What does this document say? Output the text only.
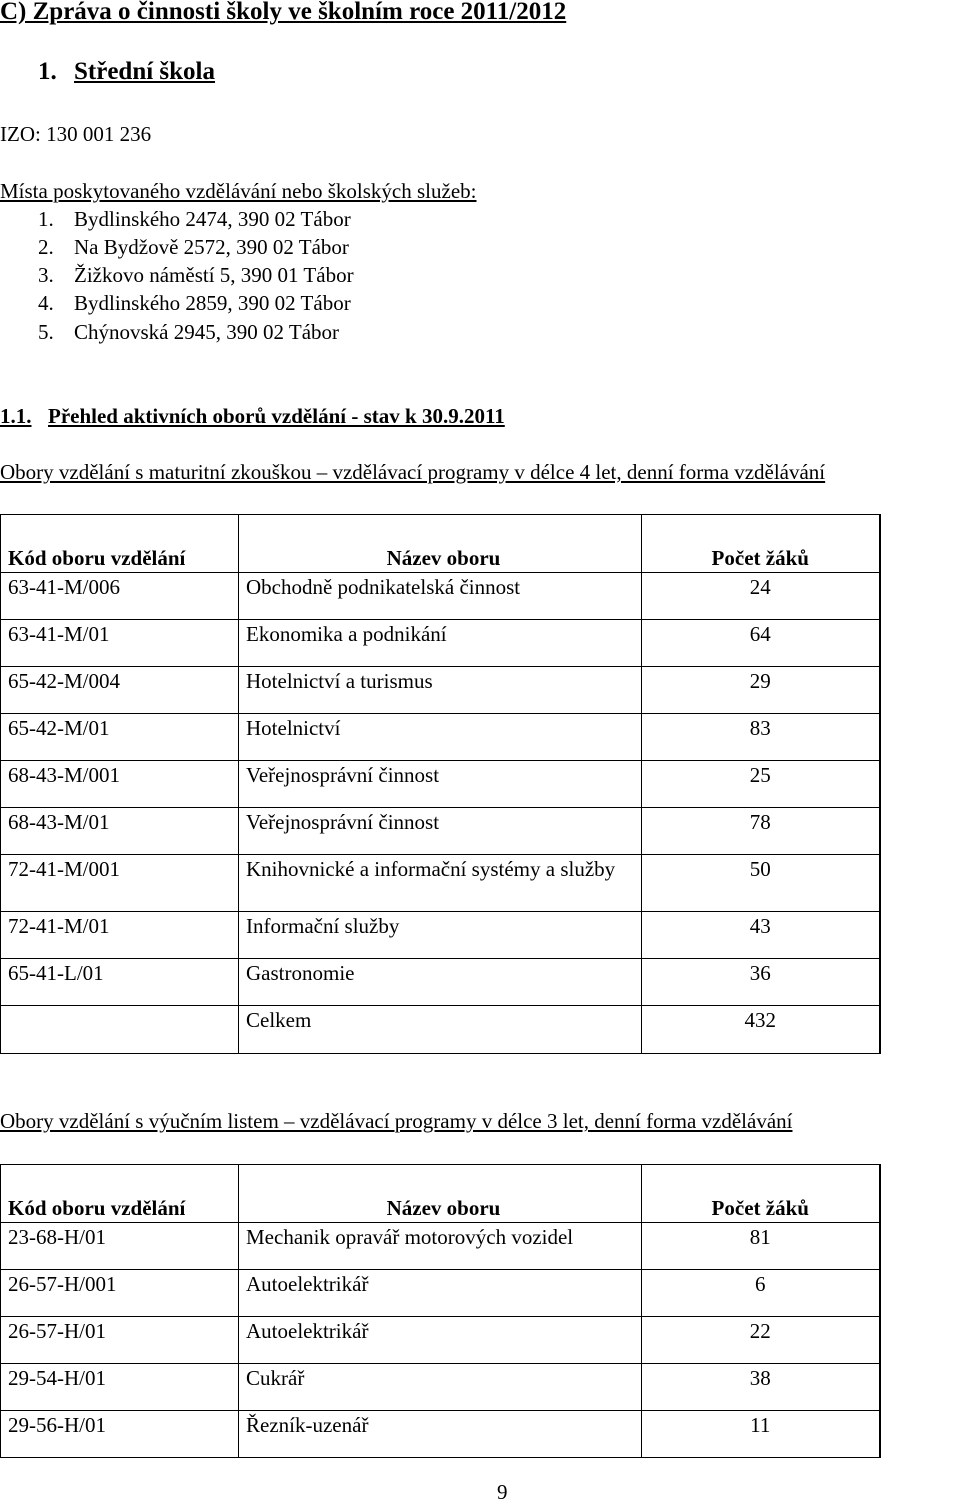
C) Zpráva o činnosti školy ve školním roce 2011/2012
1. Střední škola
IZO: 130 001 236
Místa poskytovaného vzdělávání nebo školských služeb:
1. Bydlinského 2474, 390 02 Tábor
2. Na Bydžově 2572, 390 02 Tábor
3. Žižkovo náměstí 5, 390 01 Tábor
4. Bydlinského 2859, 390 02 Tábor
5. Chýnovská 2945, 390 02 Tábor
1.1. Přehled aktivních oborů vzdělání - stav k 30.9.2011
Obory vzdělání s maturitní zkouškou – vzdělávací programy v délce 4 let, denní forma vzdělávání
Kód oboru vzdělání	Název oboru	Počet žáků
63-41-M/006	Obchodně podnikatelská činnost	24
63-41-M/01	Ekonomika a podnikání	64
65-42-M/004	Hotelnictví a turismus	29
65-42-M/01	Hotelnictví	83
68-43-M/001	Veřejnosprávní činnost	25
68-43-M/01	Veřejnosprávní činnost	78
72-41-M/001	Knihovnické a informační systémy a služby	50
72-41-M/01	Informační služby	43
65-41-L/01	Gastronomie	36
	Celkem	432
Obory vzdělání s výučním listem – vzdělávací programy v délce 3 let, denní forma vzdělávání
Kód oboru vzdělání	Název oboru	Počet žáků
23-68-H/01	Mechanik opravář motorových vozidel	81
26-57-H/001	Autoelektrikář	6
26-57-H/01	Autoelektrikář	22
29-54-H/01	Cukrář	38
29-56-H/01	Řezník-uzenář	11
9
